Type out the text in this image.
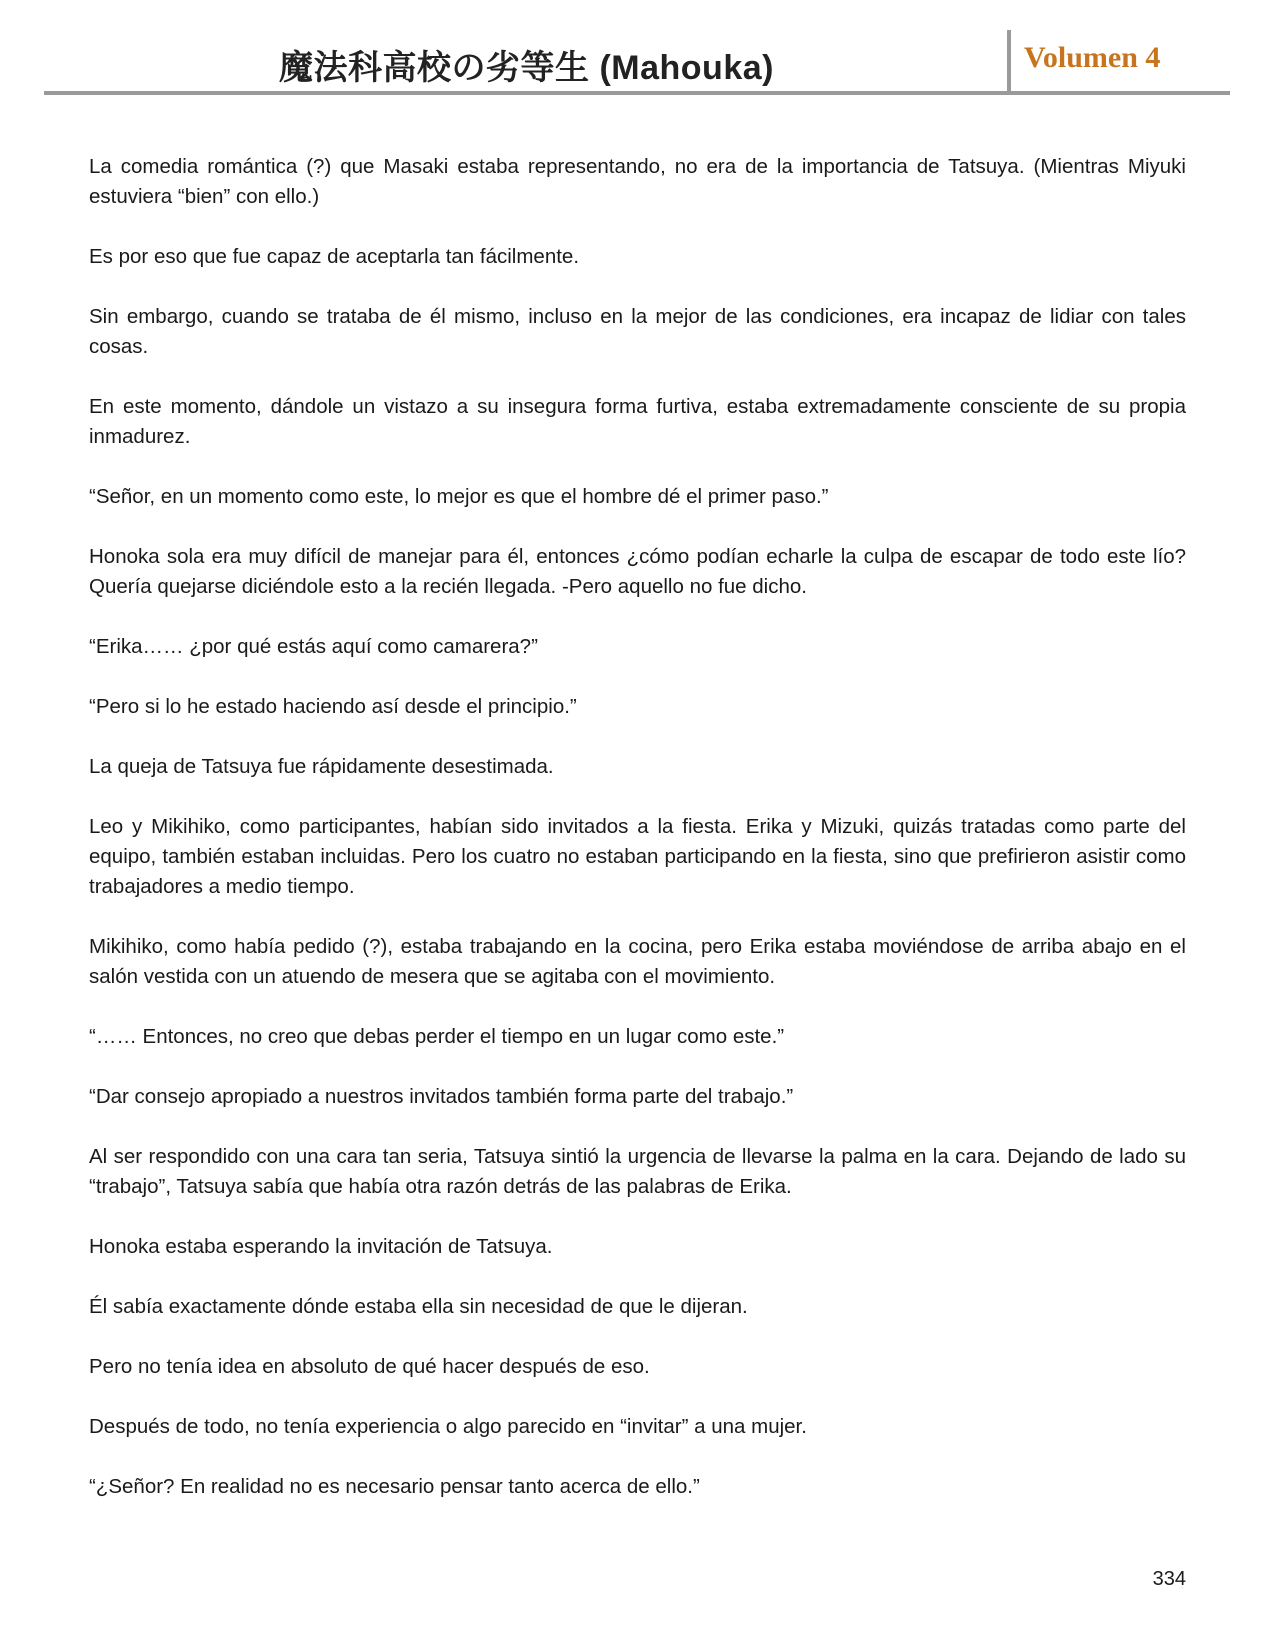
魔法科高校の劣等生 (Mahouka)	Volumen 4

La comedia romántica (?) que Masaki estaba representando, no era de la importancia de Tatsuya. (Mientras Miyuki estuviera “bien” con ello.)

Es por eso que fue capaz de aceptarla tan fácilmente.

Sin embargo, cuando se trataba de él mismo, incluso en la mejor de las condiciones, era incapaz de lidiar con tales cosas.

En este momento, dándole un vistazo a su insegura forma furtiva, estaba extremadamente consciente de su propia inmadurez.

“Señor, en un momento como este, lo mejor es que el hombre dé el primer paso.”

Honoka sola era muy difícil de manejar para él, entonces ¿cómo podían echarle la culpa de escapar de todo este lío? Quería quejarse diciéndole esto a la recién llegada. -Pero aquello no fue dicho.

“Erika…… ¿por qué estás aquí como camarera?”

“Pero si lo he estado haciendo así desde el principio.”

La queja de Tatsuya fue rápidamente desestimada.

Leo y Mikihiko, como participantes, habían sido invitados a la fiesta. Erika y Mizuki, quizás tratadas como parte del equipo, también estaban incluidas. Pero los cuatro no estaban participando en la fiesta, sino que prefirieron asistir como trabajadores a medio tiempo.

Mikihiko, como había pedido (?), estaba trabajando en la cocina, pero Erika estaba moviéndose de arriba abajo en el salón vestida con un atuendo de mesera que se agitaba con el movimiento.

“…… Entonces, no creo que debas perder el tiempo en un lugar como este.”

“Dar consejo apropiado a nuestros invitados también forma parte del trabajo.”

Al ser respondido con una cara tan seria, Tatsuya sintió la urgencia de llevarse la palma en la cara. Dejando de lado su “trabajo”, Tatsuya sabía que había otra razón detrás de las palabras de Erika.

Honoka estaba esperando la invitación de Tatsuya.

Él sabía exactamente dónde estaba ella sin necesidad de que le dijeran.

Pero no tenía idea en absoluto de qué hacer después de eso.

Después de todo, no tenía experiencia o algo parecido en “invitar” a una mujer.

“¿Señor? En realidad no es necesario pensar tanto acerca de ello.”

334
